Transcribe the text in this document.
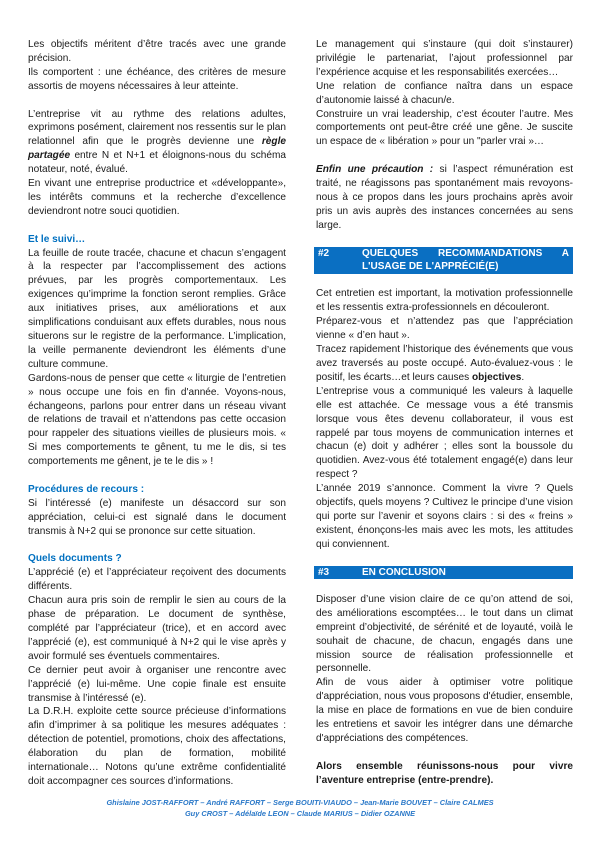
Les objectifs méritent d’être tracés avec une grande précision.

Ils comportent : une échéance, des critères de mesure assortis de moyens nécessaires à leur atteinte.

L’entreprise vit au rythme des relations adultes, exprimons posément, clairement nos ressentis sur le plan relationnel afin que le progrès devienne une règle partagée entre N et N+1 et éloignons-nous du schéma notateur, noté, évalué.

En vivant une entreprise productrice et «développante», les intérêts communs et la recherche d’excellence deviendront notre souci quotidien.

Et le suivi…

La feuille de route tracée, chacune et chacun s’engagent à la respecter par l’accomplissement des actions prévues, par les progrès comportementaux. Les exigences qu’imprime la fonction seront remplies. Grâce aux initiatives prises, aux améliorations et aux simplifications conduisant aux effets durables, nous nous situerons sur le registre de la performance. L’implication, la veille permanente deviendront les éléments d’une culture commune.

Gardons-nous de penser que cette « liturgie de l’entretien » nous occupe une fois en fin d'année. Voyons-nous, échangeons, parlons pour entrer dans un réseau vivant de relations de travail et n’attendons pas cette occasion pour rappeler des situations vieilles de plusieurs mois. « Si mes comportements te gênent, tu me le dis, si tes comportements me gênent, je te le dis » !

Procédures de recours :

Si l’intéressé (e) manifeste un désaccord sur son appréciation, celui-ci est signalé dans le document transmis à N+2 qui se prononce sur cette situation.

Quels documents ?

L’apprécié (e) et l’appréciateur reçoivent des documents différents.

Chacun aura pris soin de remplir le sien au cours de la phase de préparation. Le document de synthèse, complété par l’appréciateur (trice), et en accord avec l’apprécié (e), est communiqué à N+2 qui le vise après y avoir formulé ses éventuels commentaires.

Ce dernier peut avoir à organiser une rencontre avec l’apprécié (e) lui-même. Une copie finale est ensuite transmise à l’intéressé (e).

La D.R.H. exploite cette source précieuse d’informations afin d’imprimer à sa politique les mesures adéquates : détection de potentiel, promotions, choix des affectations, élaboration du plan de formation, mobilité internationale… Notons qu’une extrême confidentialité doit accompagner ces sources d’informations.

Le management qui s’instaure (qui doit s’instaurer) privilégie le partenariat, l’ajout professionnel par l’expérience acquise et les responsabilités exercées…

Une relation de confiance naîtra dans un espace d’autonomie laissé à chacun/e.

Construire un vrai leadership, c’est écouter l’autre. Mes comportements ont peut-être créé une gêne. Je suscite un espace de « libération » pour un "parler vrai »…

Enfin une précaution : si l’aspect rémunération est traité, ne réagissons pas spontanément mais revoyons-nous à ce propos dans les jours prochains après avoir pris un avis auprès des instances concernées au sens large.

#2	QUELQUES RECOMMANDATIONS A L'USAGE DE L'APPRÉCIÉ(E)

Cet entretien est important, la motivation professionnelle et les ressentis extra-professionnels en découleront.

Préparez-vous et n’attendez pas que l’appréciation vienne « d’en haut ».

Tracez rapidement l’historique des événements que vous avez traversés au poste occupé. Auto-évaluez-vous : le positif, les écarts…et leurs causes objectives.

L’entreprise vous a communiqué les valeurs à laquelle elle est attachée. Ce message vous a été transmis lorsque vous êtes devenu collaborateur, il vous est rappelé par tous moyens de communication internes et chacun (e) doit y adhérer ; elles sont la boussole du quotidien. Avez-vous été totalement engagé(e) dans leur respect ?

L’année 2019 s’annonce. Comment la vivre ? Quels objectifs, quels moyens ? Cultivez le principe d’une vision qui porte sur l’avenir et soyons clairs : si des « freins » existent, énonçons-les mais avec les mots, les attitudes qui conviennent.

#3	EN CONCLUSION

Disposer d’une vision claire de ce qu’on attend de soi, des améliorations escomptées… le tout dans un climat empreint d’objectivité, de sérénité et de loyauté, voilà le souhait de chacune, de chacun, engagés dans une mission source de réalisation professionnelle et personnelle.

Afin de vous aider à optimiser votre politique d'appréciation, nous vous proposons d'étudier, ensemble, la mise en place de formations en vue de bien conduire les entretiens et savoir les intégrer dans une démarche d'appréciations des compétences.

Alors ensemble réunissons-nous pour vivre l’aventure entreprise (entre-prendre).

Ghislaine JOST-RAFFORT – André RAFFORT – Serge BOUITI-VIAUDO – Jean-Marie BOUVET – Claire CALMES
Guy CROST – Adélaïde LEON – Claude MARIUS – Didier OZANNE
